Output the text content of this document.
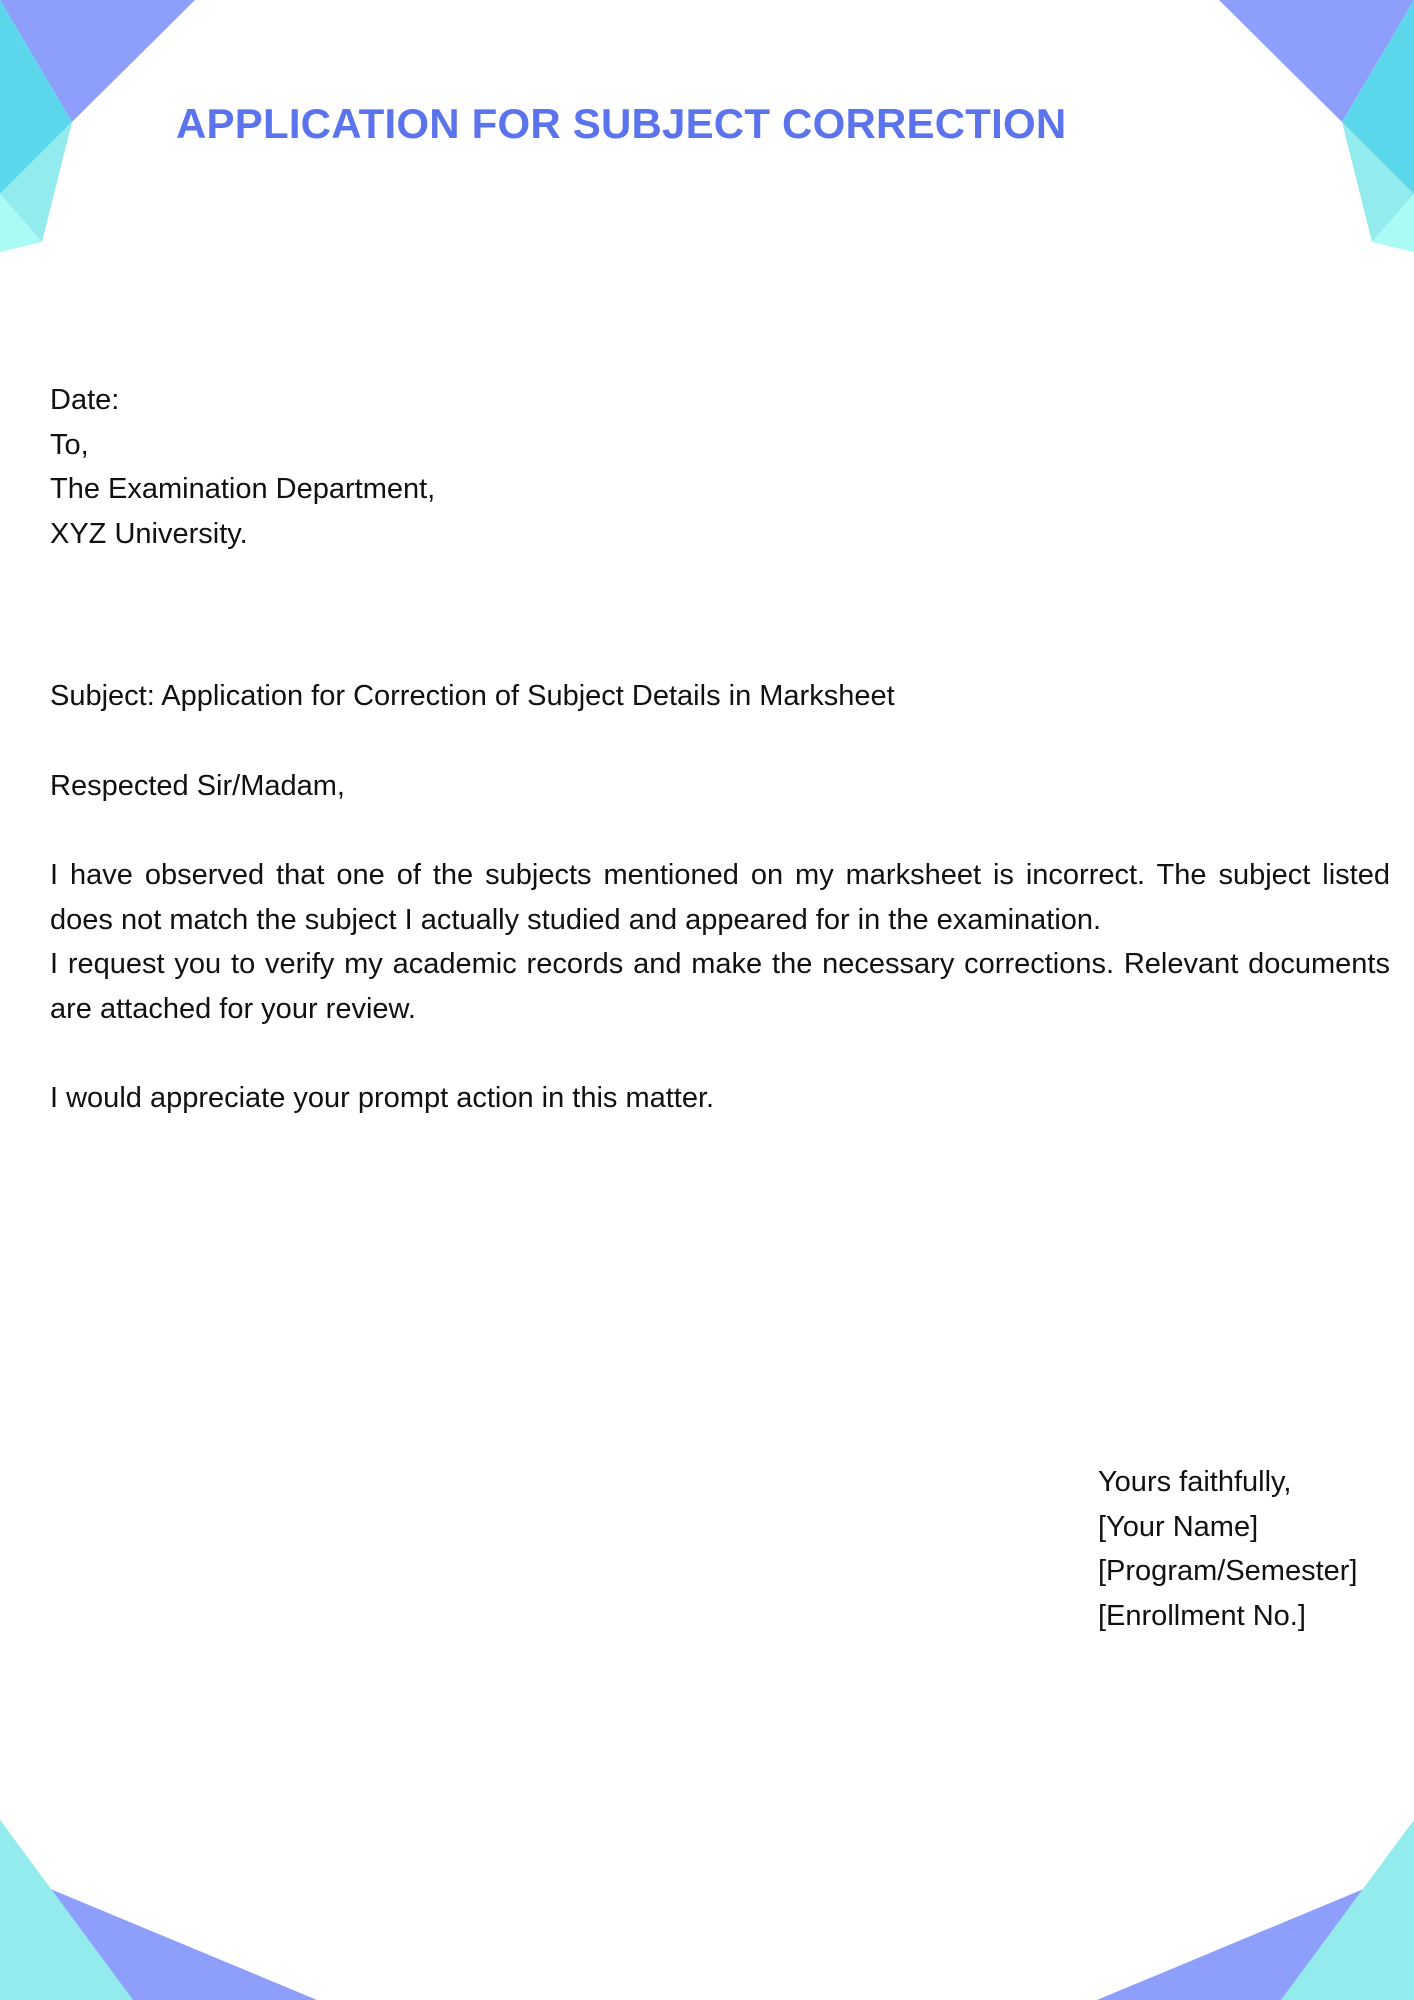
APPLICATION FOR SUBJECT CORRECTION
Date:
To,
The Examination Department,
XYZ University.
Subject: Application for Correction of Subject Details in Marksheet
Respected Sir/Madam,

I have observed that one of the subjects mentioned on my marksheet is incorrect. The subject listed does not match the subject I actually studied and appeared for in the examination.

I request you to verify my academic records and make the necessary corrections. Relevant documents are attached for your review.

I would appreciate your prompt action in this matter.
Yours faithfully,
[Your Name]
[Program/Semester]
[Enrollment No.]
